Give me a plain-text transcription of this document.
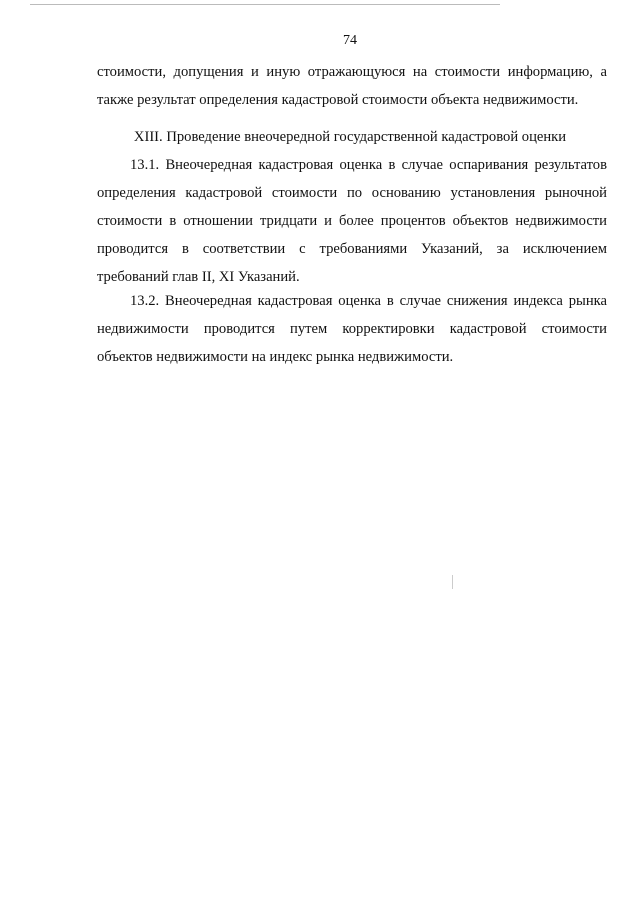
74
стоимости, допущения и иную отражающуюся на стоимости информацию, а
также результат определения кадастровой стоимости объекта недвижимости.
XIII. Проведение внеочередной государственной кадастровой оценки
13.1. Внеочередная кадастровая оценка в случае оспаривания результатов
определения кадастровой стоимости по основанию установления рыночной
стоимости в отношении тридцати и более процентов объектов недвижимости
проводится в соответствии с требованиями Указаний, за исключением
требований глав II, XI Указаний.
13.2. Внеочередная кадастровая оценка в случае снижения индекса рынка
недвижимости проводится путем корректировки кадастровой стоимости
объектов недвижимости на индекс рынка недвижимости.
